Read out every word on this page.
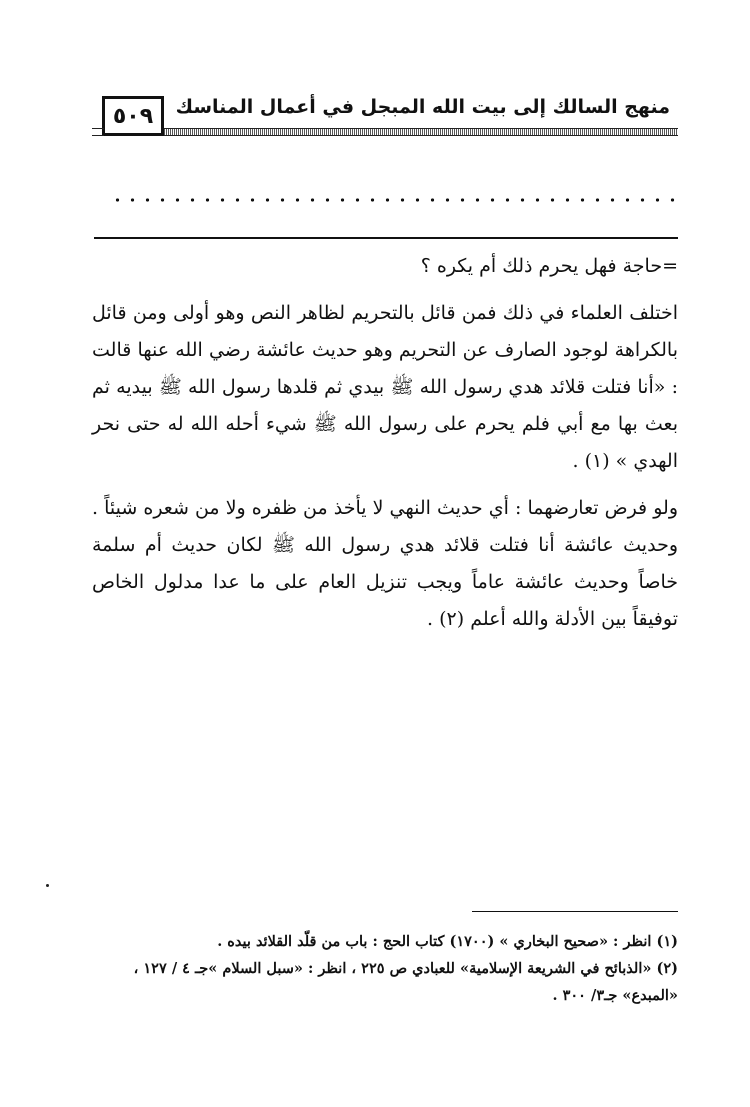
منهج السالك إلى بيت الله المبجل في أعمال المناسك
٥٠٩

=حاجة فهل يحرم ذلك أم يكره ؟

اختلف العلماء في ذلك فمن قائل بالتحريم لظاهر النص وهو أولى ومن قائل بالكراهة لوجود الصارف عن التحريم وهو حديث عائشة رضي الله عنها قالت : «أنا فتلت قلائد هدي رسول الله ﷺ بيدي ثم قلدها رسول الله ﷺ بيديه ثم بعث بها مع أبي فلم يحرم على رسول الله ﷺ شيء أحله الله له حتى نحر الهدي » (١) .

ولو فرض تعارضهما : أي حديث النهي لا يأخذ من ظفره ولا من شعره شيئاً . وحديث عائشة أنا فتلت قلائد هدي رسول الله ﷺ لكان حديث أم سلمة خاصاً وحديث عائشة عاماً ويجب تنزيل العام على ما عدا مدلول الخاص توفيقاً بين الأدلة والله أعلم (٢) .

(١) انظر : «صحيح البخاري » (١٧٠٠) كتاب الحج : باب من قلّد القلائد بيده .

(٢) «الذبائح في الشريعة الإسلامية» للعبادي ص ٢٢٥ ، انظر : «سبل السلام »جـ ٤ / ١٢٧ ، «المبدع» جـ٣/ ٣٠٠ .
